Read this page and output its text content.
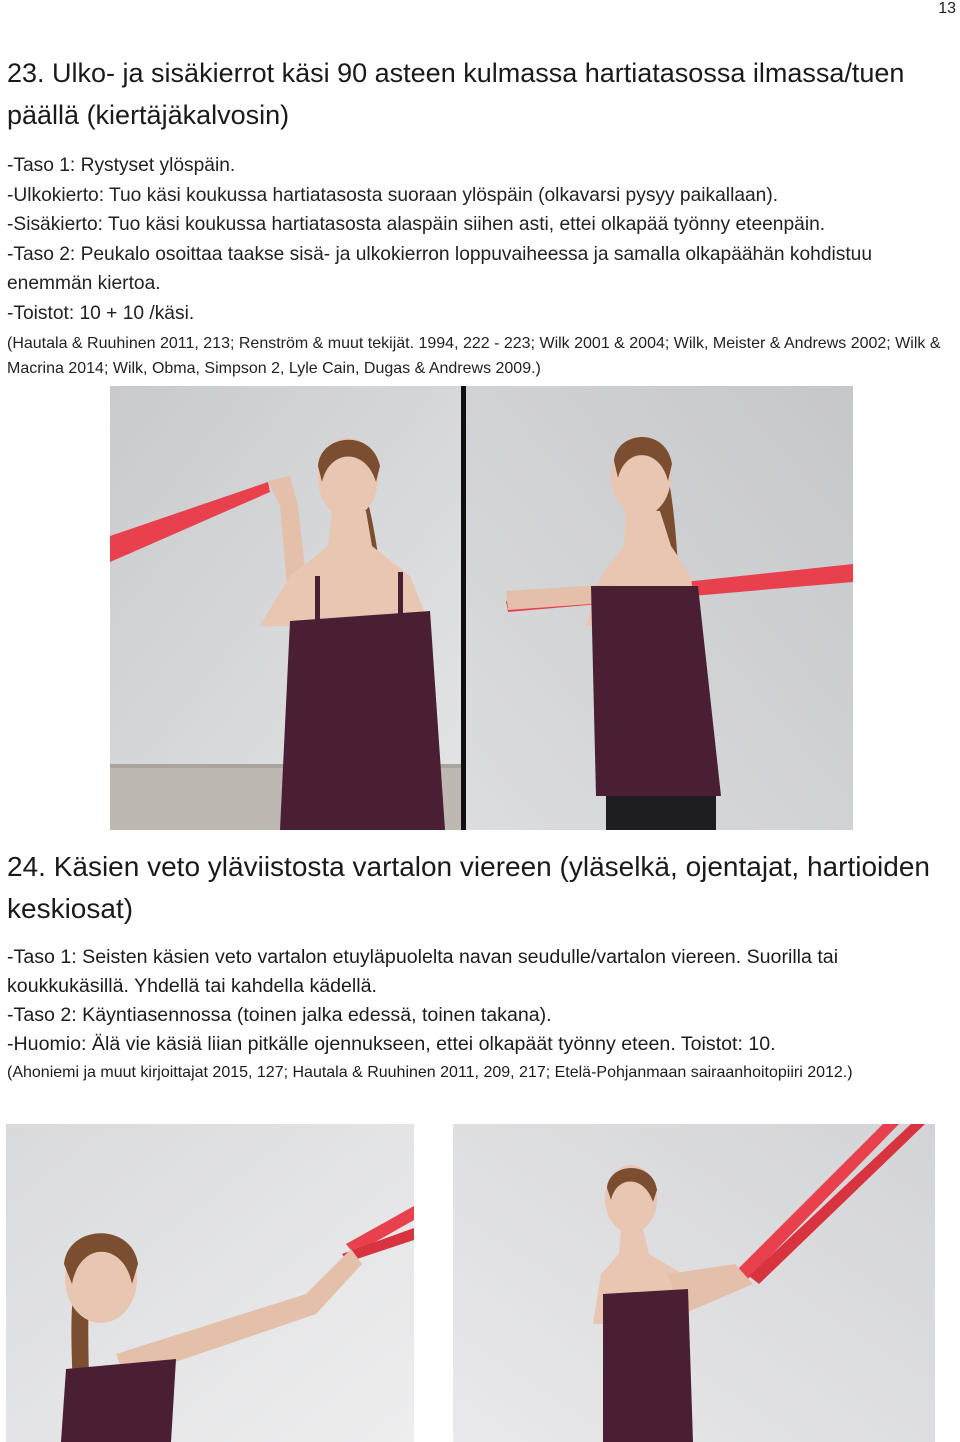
13
23. Ulko- ja sisäkierrot käsi 90 asteen kulmassa hartiatasossa ilmassa/tuen päällä (kiertäjäkalvosin)
-Taso 1: Rystyset ylöspäin.
-Ulkokierto: Tuo käsi koukussa hartiatasosta suoraan ylöspäin (olkavarsi pysyy paikallaan).
-Sisäkierto: Tuo käsi koukussa hartiatasosta alaspäin siihen asti, ettei olkapää työnny eteenpäin.
-Taso 2: Peukalo osoittaa taakse sisä- ja ulkokierron loppuvaiheessa ja samalla olkapäähän kohdistuu enemmän kiertoa.
-Toistot: 10 + 10 /käsi.
(Hautala & Ruuhinen 2011, 213; Renström & muut tekijät. 1994, 222 - 223; Wilk 2001 & 2004; Wilk, Meister & Andrews 2002; Wilk & Macrina 2014; Wilk, Obma, Simpson 2, Lyle Cain, Dugas & Andrews 2009.)
24. Käsien veto yläviistosta vartalon viereen (yläselkä, ojentajat, hartioiden keskiosat)
-Taso 1: Seisten käsien veto vartalon etuyläpuolelta navan seudulle/vartalon viereen. Suorilla tai koukkukäsillä. Yhdellä tai kahdella kädellä.
-Taso 2: Käyntiasennossa (toinen jalka edessä, toinen takana).
-Huomio: Älä vie käsiä liian pitkälle ojennukseen, ettei olkapäät työnny eteen. Toistot: 10.
(Ahoniemi ja muut kirjoittajat 2015, 127; Hautala & Ruuhinen 2011, 209, 217; Etelä-Pohjanmaan sairaanhoitopiiri 2012.)
